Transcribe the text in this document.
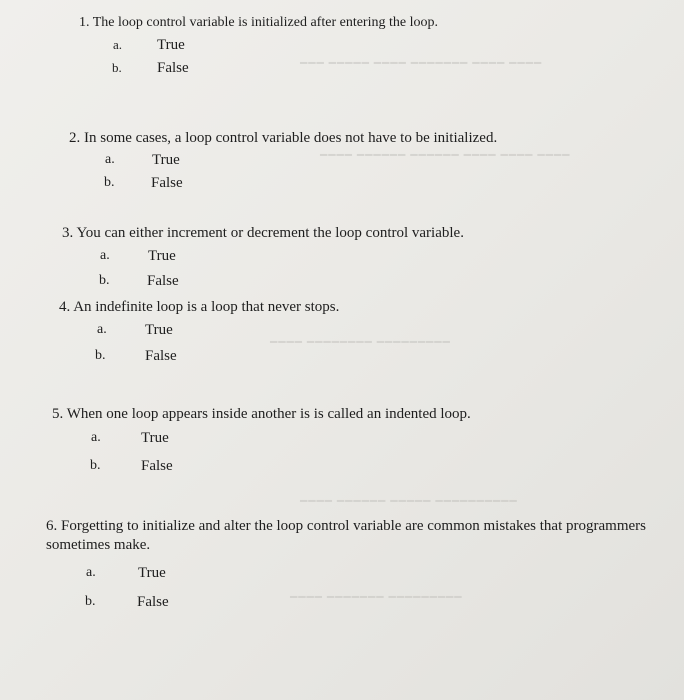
━━━ ━━━━━ ━━━━ ━━━━━━━ ━━━━ ━━━━
━━━━ ━━━━━━ ━━━━━━ ━━━━ ━━━━ ━━━━
━━━━ ━━━━━━━━ ━━━━━━━━━
━━━━ ━━━━━━ ━━━━━ ━━━━━━━━━━
━━━━ ━━━━━━━ ━━━━━━━━━

1. The loop control variable is initialized after entering the loop.

a. True
b. False

2. In some cases, a loop control variable does not have to be initialized.

a. True
b. False

3. You can either increment or decrement the loop control variable.

a.	True
b.	False

4. An indefinite loop is a loop that never stops.

a.	True
b.	False

5. When one loop appears inside another is is called an indented loop.

a.	True
b.	False

6. Forgetting to initialize and alter the loop control variable are common mistakes that programmers sometimes make.

a.	True
b.	False
